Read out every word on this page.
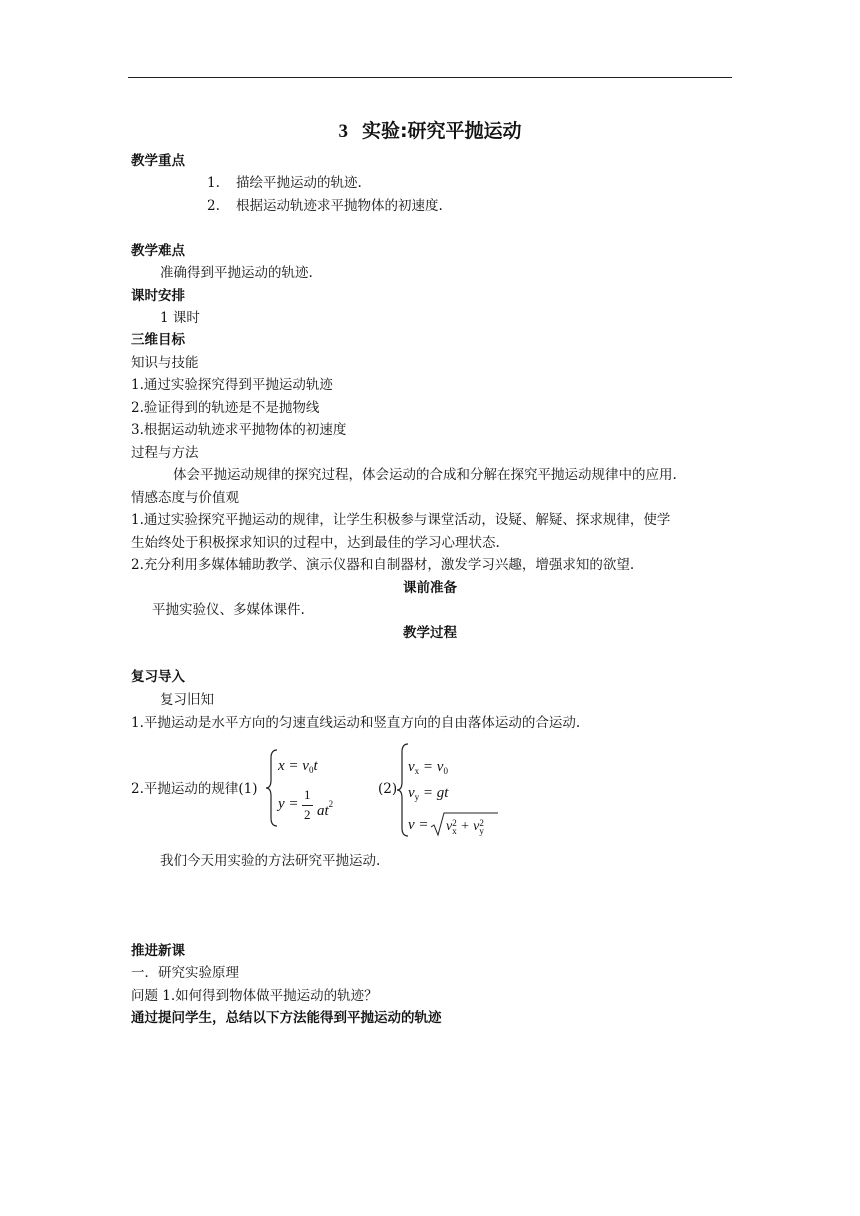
3 实验:研究平抛运动
教学重点
1. 描绘平抛运动的轨迹.
2. 根据运动轨迹求平抛物体的初速度.
教学难点
准确得到平抛运动的轨迹.
课时安排
1 课时
三维目标
知识与技能
1.通过实验探究得到平抛运动轨迹
2.验证得到的轨迹是不是抛物线
3.根据运动轨迹求平抛物体的初速度
过程与方法
体会平抛运动规律的探究过程，体会运动的合成和分解在探究平抛运动规律中的应用.
情感态度与价值观
1.通过实验探究平抛运动的规律，让学生积极参与课堂活动，设疑、解疑、探求规律，使学
生始终处于积极探求知识的过程中，达到最佳的学习心理状态.
2.充分利用多媒体辅助教学、演示仪器和自制器材，激发学习兴趣，增强求知的欲望.
课前准备
平抛实验仪、多媒体课件.
教学过程
复习导入
复习旧知
1.平抛运动是水平方向的匀速直线运动和竖直方向的自由落体运动的合运动.
2.平抛运动的规律(1)
$x = v_0t$
y =
1
2 $at^2$
(2)
$v_x = v_0$
$v_y$ = gt
v = v2
x + v2
y
我们今天用实验的方法研究平抛运动.
推进新课
一．研究实验原理
问题 1.如何得到物体做平抛运动的轨迹？
通过提问学生，总结以下方法能得到平抛运动的轨迹
